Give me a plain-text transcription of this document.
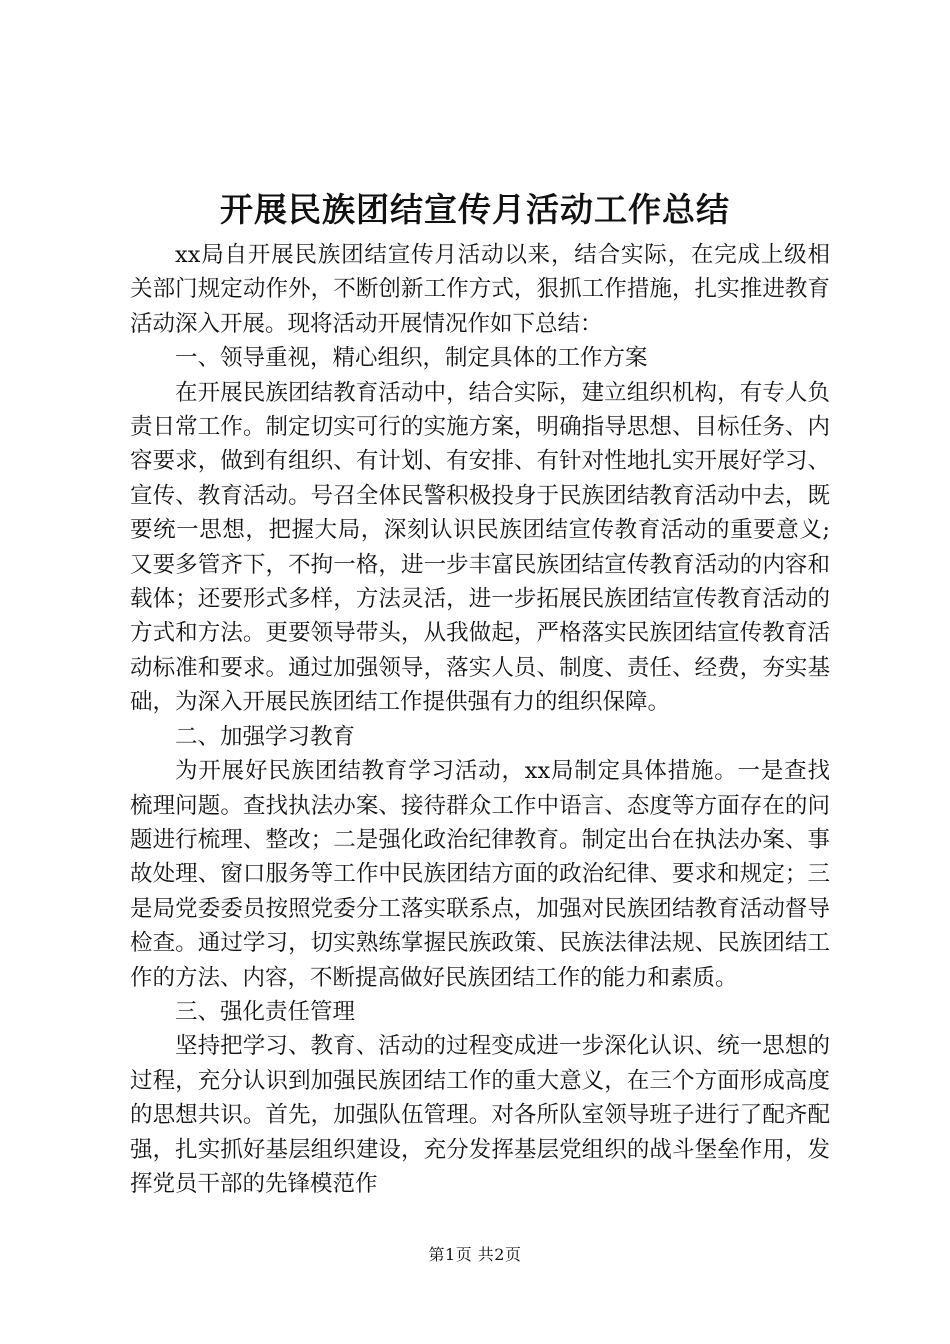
开展民族团结宣传月活动工作总结

xx局自开展民族团结宣传月活动以来，结合实际，在完成上级相关部门规定动作外，不断创新工作方式，狠抓工作措施，扎实推进教育活动深入开展。现将活动开展情况作如下总结：

一、领导重视，精心组织，制定具体的工作方案

在开展民族团结教育活动中，结合实际，建立组织机构，有专人负责日常工作。制定切实可行的实施方案，明确指导思想、目标任务、内容要求，做到有组织、有计划、有安排、有针对性地扎实开展好学习、宣传、教育活动。号召全体民警积极投身于民族团结教育活动中去，既要统一思想，把握大局，深刻认识民族团结宣传教育活动的重要意义;又要多管齐下，不拘一格，进一步丰富民族团结宣传教育活动的内容和载体；还要形式多样，方法灵活，进一步拓展民族团结宣传教育活动的方式和方法。更要领导带头，从我做起，严格落实民族团结宣传教育活动标准和要求。通过加强领导，落实人员、制度、责任、经费，夯实基础，为深入开展民族团结工作提供强有力的组织保障。

二、加强学习教育

为开展好民族团结教育学习活动，xx局制定具体措施。一是查找梳理问题。查找执法办案、接待群众工作中语言、态度等方面存在的问题进行梳理、整改；二是强化政治纪律教育。制定出台在执法办案、事故处理、窗口服务等工作中民族团结方面的政治纪律、要求和规定；三是局党委委员按照党委分工落实联系点，加强对民族团结教育活动督导检查。通过学习，切实熟练掌握民族政策、民族法律法规、民族团结工作的方法、内容，不断提高做好民族团结工作的能力和素质。

三、强化责任管理

坚持把学习、教育、活动的过程变成进一步深化认识、统一思想的过程，充分认识到加强民族团结工作的重大意义，在三个方面形成高度的思想共识。首先，加强队伍管理。对各所队室领导班子进行了配齐配强，扎实抓好基层组织建设，充分发挥基层党组织的战斗堡垒作用，发挥党员干部的先锋模范作

第1页 共2页
